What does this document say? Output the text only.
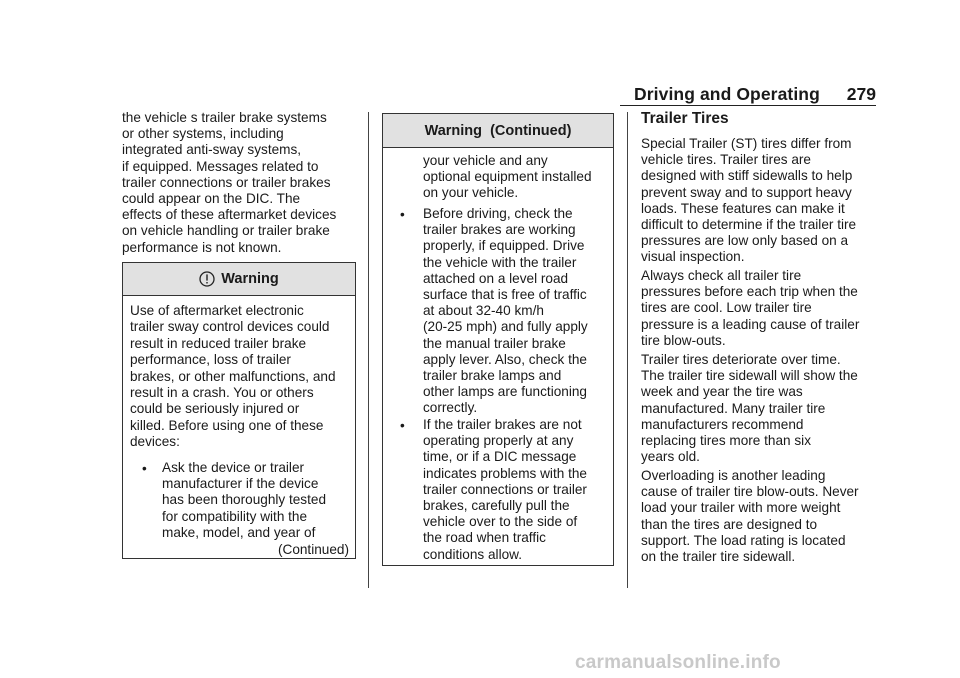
Driving and Operating 279

the vehicle s trailer brake systems
or other systems, including
integrated anti-sway systems,
if equipped. Messages related to
trailer connections or trailer brakes
could appear on the DIC. The
effects of these aftermarket devices
on vehicle handling or trailer brake
performance is not known.

Warning

Use of aftermarket electronic
trailer sway control devices could
result in reduced trailer brake
performance, loss of trailer
brakes, or other malfunctions, and
result in a crash. You or others
could be seriously injured or
killed. Before using one of these
devices:

• Ask the device or trailer
manufacturer if the device
has been thoroughly tested
for compatibility with the
make, model, and year of

(Continued)
Warning  (Continued)

your vehicle and any
optional equipment installed
on your vehicle.

• Before driving, check the
trailer brakes are working
properly, if equipped. Drive
the vehicle with the trailer
attached on a level road
surface that is free of traffic
at about 32-40 km/h
(20-25 mph) and fully apply
the manual trailer brake
apply lever. Also, check the
trailer brake lamps and
other lamps are functioning
correctly.

• If the trailer brakes are not
operating properly at any
time, or if a DIC message
indicates problems with the
trailer connections or trailer
brakes, carefully pull the
vehicle over to the side of
the road when traffic
conditions allow.

Trailer Tires

Special Trailer (ST) tires differ from
vehicle tires. Trailer tires are
designed with stiff sidewalls to help
prevent sway and to support heavy
loads. These features can make it
difficult to determine if the trailer tire
pressures are low only based on a
visual inspection.

Always check all trailer tire
pressures before each trip when the
tires are cool. Low trailer tire
pressure is a leading cause of trailer
tire blow-outs.

Trailer tires deteriorate over time.
The trailer tire sidewall will show the
week and year the tire was
manufactured. Many trailer tire
manufacturers recommend
replacing tires more than six
years old.

Overloading is another leading
cause of trailer tire blow-outs. Never
load your trailer with more weight
than the tires are designed to
support. The load rating is located
on the trailer tire sidewall.

carmanualsonline.info
